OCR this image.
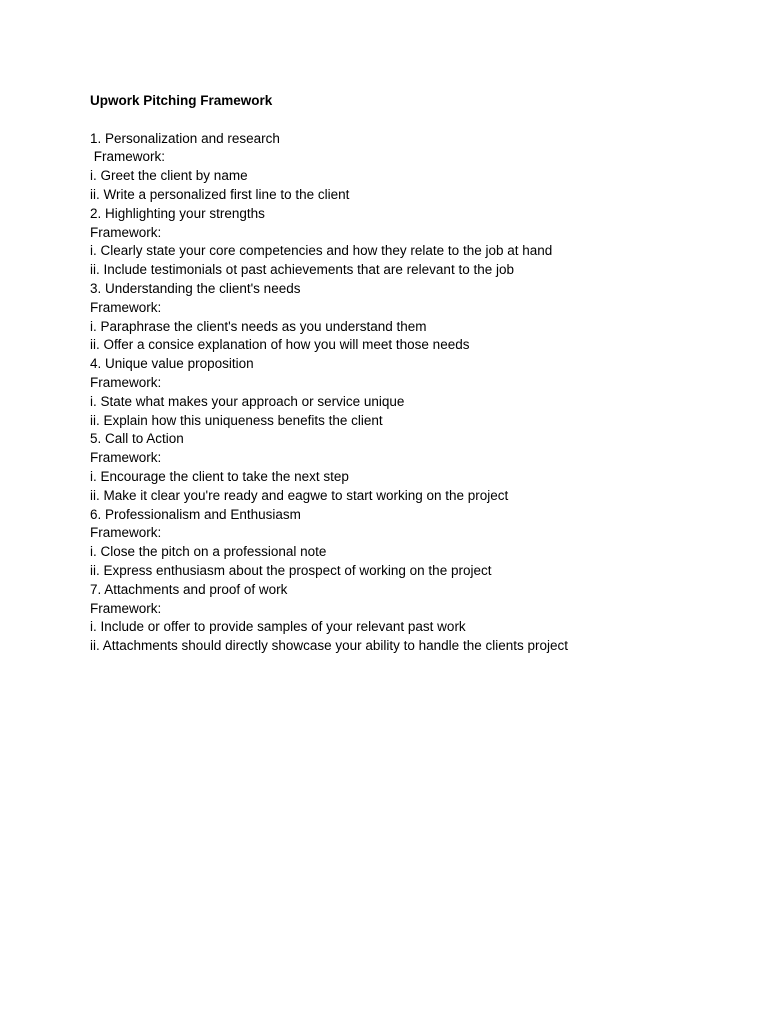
Upwork Pitching Framework

1. Personalization and research

Framework:

i. Greet the client by name

ii. Write a personalized first line to the client

2. Highlighting your strengths

Framework:

i. Clearly state your core competencies and how they relate to the job at hand

ii. Include testimonials ot past achievements that are relevant to the job

3. Understanding the client's needs

Framework:

i. Paraphrase the client's needs as you understand them

ii. Offer a consice explanation of how you will meet those needs

4. Unique value proposition

Framework:

i. State what makes your approach or service unique

ii. Explain how this uniqueness benefits the client

5. Call to Action

Framework:

i. Encourage the client to take the next step

ii. Make it clear you're ready and eagwe to start working on the project

6. Professionalism and Enthusiasm

Framework:

i. Close the pitch on a professional note

ii. Express enthusiasm about the prospect of working on the project

7. Attachments and proof of work

Framework:

i. Include or offer to provide samples of your relevant past work

ii. Attachments should directly showcase your ability to handle the clients project
